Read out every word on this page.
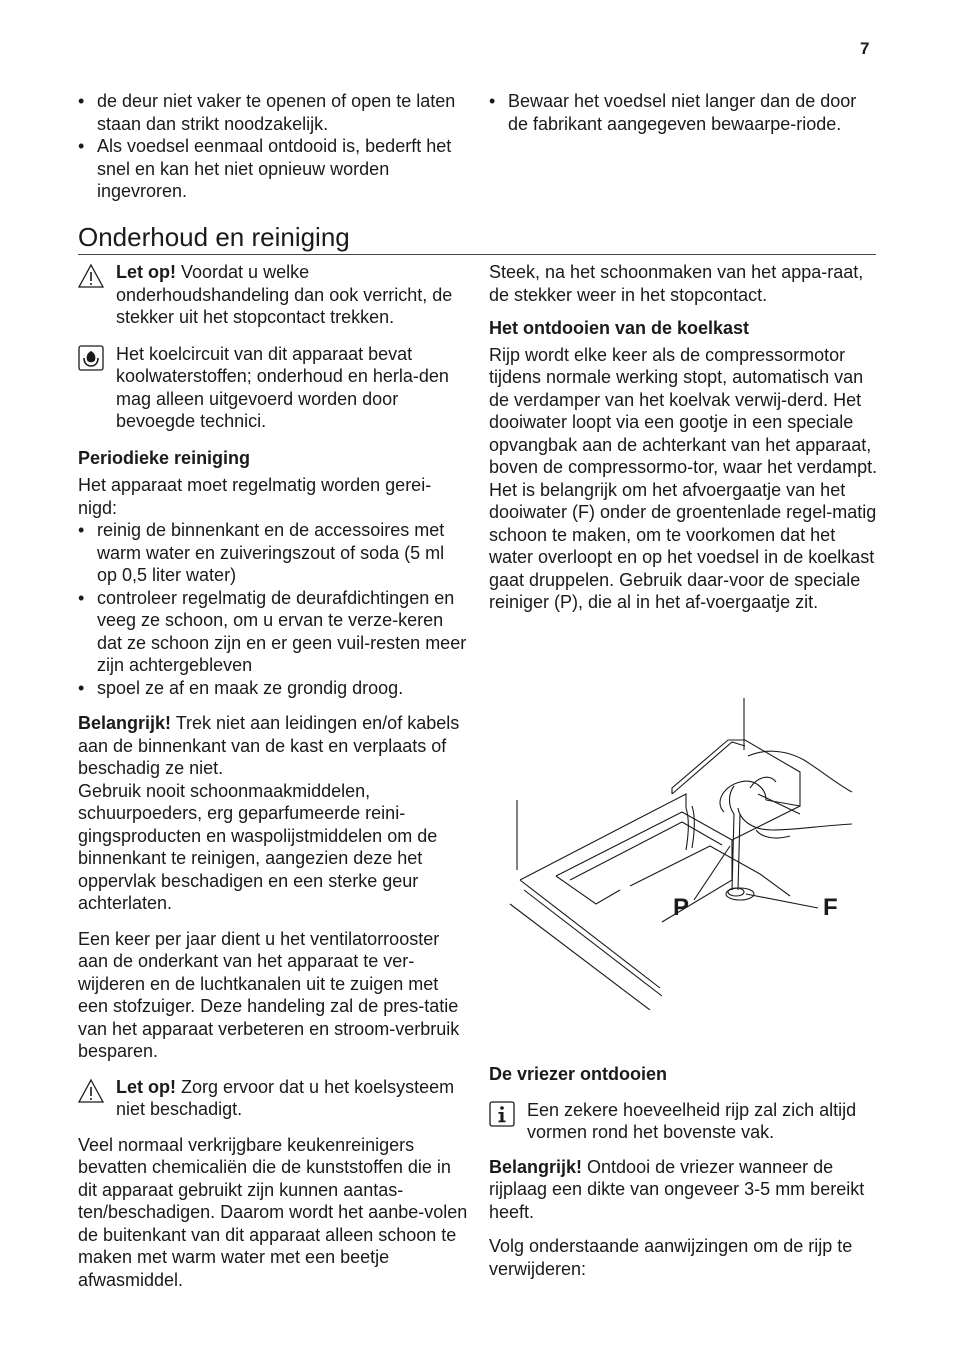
7
• de deur niet vaker te openen of open te laten staan dan strikt noodzakelijk.
• Als voedsel eenmaal ontdooid is, bederft het snel en kan het niet opnieuw worden ingevroren.
• Bewaar het voedsel niet langer dan de door de fabrikant aangegeven bewaarpe-riode.
Onderhoud en reiniging

Let op! Voordat u welke onderhoudshandeling dan ook verricht, de stekker uit het stopcontact trekken.

Het koelcircuit van dit apparaat bevat koolwaterstoffen; onderhoud en herla-den mag alleen uitgevoerd worden door bevoegde technici.

Periodieke reiniging

Het apparaat moet regelmatig worden gerei-nigd:

• reinig de binnenkant en de accessoires met warm water en zuiveringszout of soda (5 ml op 0,5 liter water)
• controleer regelmatig de deurafdichtingen en veeg ze schoon, om u ervan te verze-keren dat ze schoon zijn en er geen vuil-resten meer zijn achtergebleven
• spoel ze af en maak ze grondig droog.

Belangrijk! Trek niet aan leidingen en/of kabels aan de binnenkant van de kast en verplaats of beschadig ze niet.

Gebruik nooit schoonmaakmiddelen, schuurpoeders, erg geparfumeerde reini-gingsproducten en waspolijstmiddelen om de binnenkant te reinigen, aangezien deze het oppervlak beschadigen en een sterke geur achterlaten.

Een keer per jaar dient u het ventilatorrooster aan de onderkant van het apparaat te ver-wijderen en de luchtkanalen uit te zuigen met een stofzuiger. Deze handeling zal de pres-tatie van het apparaat verbeteren en stroom-verbruik besparen.

Let op! Zorg ervoor dat u het koelsysteem niet beschadigt.

Veel normaal verkrijgbare keukenreinigers bevatten chemicaliën die de kunststoffen die in dit apparaat gebruikt zijn kunnen aantas-ten/beschadigen. Daarom wordt het aanbe-volen de buitenkant van dit apparaat alleen schoon te maken met warm water met een beetje afwasmiddel.

Steek, na het schoonmaken van het appa-raat, de stekker weer in het stopcontact.

Het ontdooien van de koelkast

Rijp wordt elke keer als de compressormotor tijdens normale werking stopt, automatisch van de verdamper van het koelvak verwij-derd. Het dooiwater loopt via een gootje in een speciale opvangbak aan de achterkant van het apparaat, boven de compressormo-tor, waar het verdampt.

Het is belangrijk om het afvoergaatje van het dooiwater (F) onder de groentenlade regel-matig schoon te maken, om te voorkomen dat het water overloopt en op het voedsel in de koelkast gaat druppelen. Gebruik daar-voor de speciale reiniger (P), die al in het af-voergaatje zit.

P	F

De vriezer ontdooien

Een zekere hoeveelheid rijp zal zich altijd vormen rond het bovenste vak.

Belangrijk! Ontdooi de vriezer wanneer de rijplaag een dikte van ongeveer 3-5 mm bereikt heeft.

Volg onderstaande aanwijzingen om de rijp te verwijderen:
